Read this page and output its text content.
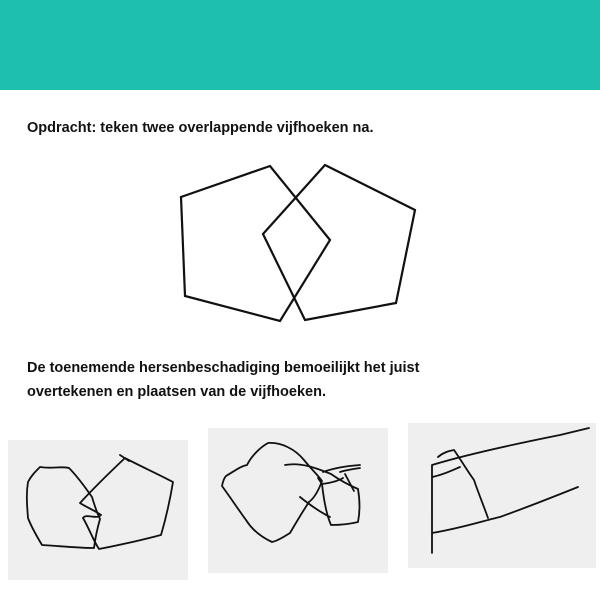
Opdracht: teken twee overlappende vijfhoeken na.

De toenemende hersenbeschadiging bemoeilijkt het juist
overtekenen en plaatsen van de vijfhoeken.
